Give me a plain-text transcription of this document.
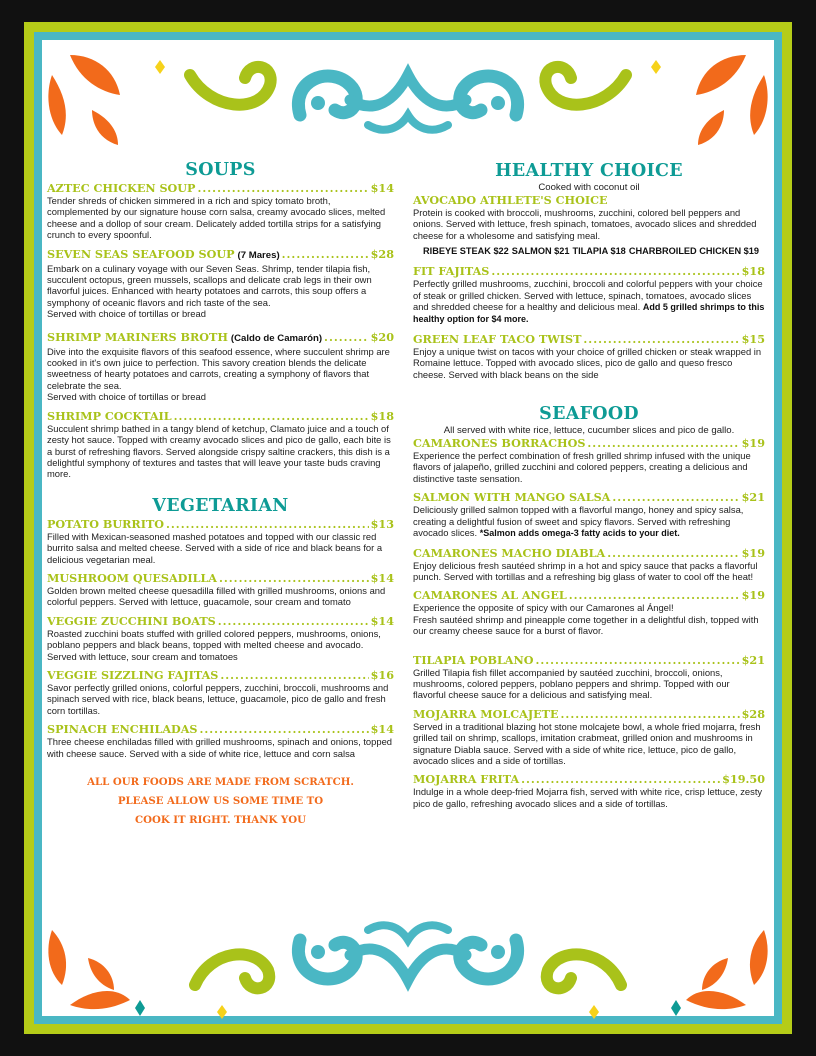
SOUPS
AZTEC CHICKEN SOUP .....	$14
Tender shreds of chicken simmered in a rich and spicy tomato broth, complemented by our signature house corn salsa, creamy avocado slices, melted cheese and a dollop of sour cream. Delicately added tortilla strips for a satisfying crunch to every spoonful.
SEVEN SEAS SEAFOOD SOUP (7 Mares) .....	$28
Embark on a culinary voyage with our Seven Seas. Shrimp, tender tilapia fish, succulent octopus, green mussels, scallops and delicate crab legs in their own flavorful juices. Enhanced with hearty potatoes and carrots, this soup offers a symphony of oceanic flavors and rich taste of the sea.
Served with choice of tortillas or bread
SHRIMP MARINERS BROTH (Caldo de Camarón) .....	$20
Dive into the exquisite flavors of this seafood essence, where succulent shrimp are cooked in it's own juice to perfection. This savory creation blends the delicate sweetness of hearty potatoes and carrots, creating a symphony of flavors that celebrate the sea.
Served with choice of tortillas or bread
SHRIMP COCKTAIL .....	$18
Succulent shrimp bathed in a tangy blend of ketchup, Clamato juice and a touch of zesty hot sauce. Topped with creamy avocado slices and pico de gallo, each bite is a burst of refreshing flavors. Served alongside crispy saltine crackers, this dish is a delightful symphony of textures and tastes that will leave your taste buds craving more.
VEGETARIAN
POTATO BURRITO .....	$13
Filled with Mexican-seasoned mashed potatoes and topped with our classic red burrito salsa and melted cheese. Served with a side of rice and black beans for a delicious vegetarian meal.
MUSHROOM QUESADILLA .....	$14
Golden brown melted cheese quesadilla filled with grilled mushrooms, onions and colorful peppers. Served with lettuce, guacamole, sour cream and tomato
VEGGIE ZUCCHINI BOATS .....	$14
Roasted zucchini boats stuffed with grilled colored peppers, mushrooms, onions, poblano peppers and black beans, topped with melted cheese and avocado. Served with lettuce, sour cream and tomatoes
VEGGIE SIZZLING FAJITAS .....	$16
Savor perfectly grilled onions, colorful peppers, zucchini, broccoli, mushrooms and spinach served with rice, black beans, lettuce, guacamole, pico de gallo and fresh corn tortillas.
SPINACH ENCHILADAS .....	$14
Three cheese enchiladas filled with grilled mushrooms, spinach and onions, topped with cheese sauce. Served with a side of white rice, lettuce and corn salsa
ALL OUR FOODS ARE MADE FROM SCRATCH.
PLEASE ALLOW US SOME TIME TO
COOK IT RIGHT. THANK YOU
HEALTHY CHOICE
Cooked with coconut oil
AVOCADO ATHLETE'S CHOICE
Protein is cooked with broccoli, mushrooms, zucchini, colored bell peppers and onions. Served with lettuce, fresh spinach, tomatoes, avocado slices and shredded cheese for a wholesome and satisfying meal.
RIBEYE STEAK $22 SALMON $21 TILAPIA $18 CHARBROILED CHICKEN $19
FIT FAJITAS .....	$18
Perfectly grilled mushrooms, zucchini, broccoli and colorful peppers with your choice of steak or grilled chicken. Served with lettuce, spinach, tomatoes, avocado slices and shredded cheese for a healthy and delicious meal. Add 5 grilled shrimps to this healthy option for $4 more.
GREEN LEAF TACO TWIST .....	$15
Enjoy a unique twist on tacos with your choice of grilled chicken or steak wrapped in Romaine lettuce. Topped with avocado slices, pico de gallo and queso fresco cheese. Served with black beans on the side
SEAFOOD
All served with white rice, lettuce, cucumber slices and pico de gallo.
CAMARONES BORRACHOS .....	$19
Experience the perfect combination of fresh grilled shrimp infused with the unique flavors of jalapeño, grilled zucchini and colored peppers, creating a delicious and distinctive taste sensation.
SALMON WITH MANGO SALSA .....	$21
Deliciously grilled salmon topped with a flavorful mango, honey and spicy salsa, creating a delightful fusion of sweet and spicy flavors. Served with refreshing avocado slices. *Salmon adds omega-3 fatty acids to your diet.
CAMARONES MACHO DIABLA .....	$19
Enjoy delicious fresh sautéed shrimp in a hot and spicy sauce that packs a flavorful punch. Served with tortillas and a refreshing big glass of water to cool off the heat!
CAMARONES AL ANGEL .....	$19
Experience the opposite of spicy with our Camarones al Ángel!
Fresh sautéed shrimp and pineapple come together in a delightful dish, topped with our creamy cheese sauce for a burst of flavor.
TILAPIA POBLANO .....	$21
Grilled Tilapia fish fillet accompanied by sautéed zucchini, broccoli, onions, mushrooms, colored peppers, poblano peppers and shrimp. Topped with our flavorful cheese sauce for a delicious and satisfying meal.
MOJARRA MOLCAJETE .....	$28
Served in a traditional blazing hot stone molcajete bowl, a whole fried mojarra, fresh grilled tail on shrimp, scallops, imitation crabmeat, grilled onion and mushrooms in signature Diabla sauce. Served with a side of white rice, lettuce, pico de gallo, avocado slices and a side of tortillas.
MOJARRA FRITA .....	$19.50
Indulge in a whole deep-fried Mojarra fish, served with white rice, crisp lettuce, zesty pico de gallo, refreshing avocado slices and a side of tortillas.
